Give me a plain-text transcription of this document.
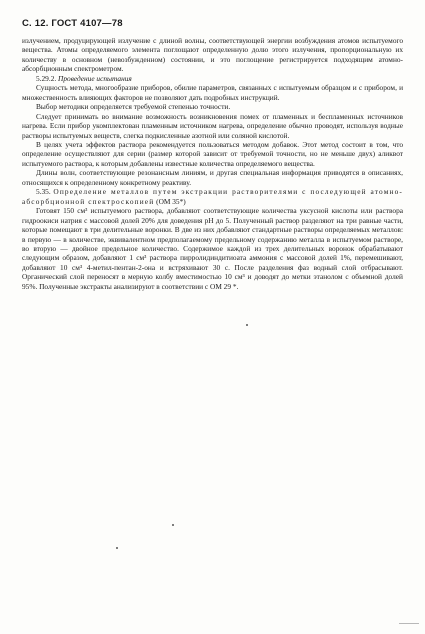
С. 12. ГОСТ 4107—78

излучением, продуцирующей излучение с длиной волны, соответствующей энергии возбуждения атомов испытуемого вещества. Атомы определяемого элемента поглощают определенную долю этого излучения, пропорциональную их количеству в основном (невозбужденном) состоянии, и это поглощение регистрируется подходящим атомно-абсорбционным спектрометром.

5.29.2. Проведение испытания

Сущность метода, многообразие приборов, обилие параметров, связанных с испытуемым образцом и с прибором, и множественность влияющих факторов не позволяют дать подробных инструкций.

Выбор методики определяется требуемой степенью точности.

Следует принимать во внимание возможность возникновения помех от пламенных и беспламенных источников нагрева. Если прибор укомплектован пламенным источником нагрева, определение обычно проводят, используя водные растворы испытуемых веществ, слегка подкисленные азотной или соляной кислотой.

В целях учета эффектов раствора рекомендуется пользоваться методом добавок. Этот метод состоит в том, что определение осуществляют для серии (размер которой зависит от требуемой точности, но не меньше двух) аликвот испытуемого раствора, к которым добавлены известные количества определяемого вещества.

Длины волн, соответствующие резонансным линиям, и другая специальная информация приводятся в описаниях, относящихся к определенному конкретному реактиву.

5.35. Определение металлов путем экстракции растворителями с последующей атомно-абсорбционной спектроскопией (ОМ 35*)

Готовят 150 см³ испытуемого раствора, добавляют соответствующие количества уксусной кислоты или раствора гидроокиси натрия с массовой долей 20% для доведения pH до 5. Полученный раствор разделяют на три равные части, которые помещают в три делительные воронки. В две из них добавляют стандартные растворы определяемых металлов: в первую — в количестве, эквивалентном предполагаемому предельному содержанию металла в испытуемом растворе, во вторую — двойное предельное количество. Содержимое каждой из трех делительных воронок обрабатывают следующим образом, добавляют 1 см³ раствора пирролидиндитиоата аммония с массовой долей 1%, перемешивают, добавляют 10 см³ 4-метил-пентан-2-она и встряхивают 30 с. После разделения фаз водный слой отбрасывают. Органический слой переносят в мерную колбу вместимостью 10 см³ и доводят до метки этанолом с объемной долей 95%. Полученные экстракты анализируют в соответствии с ОМ 29 *.
